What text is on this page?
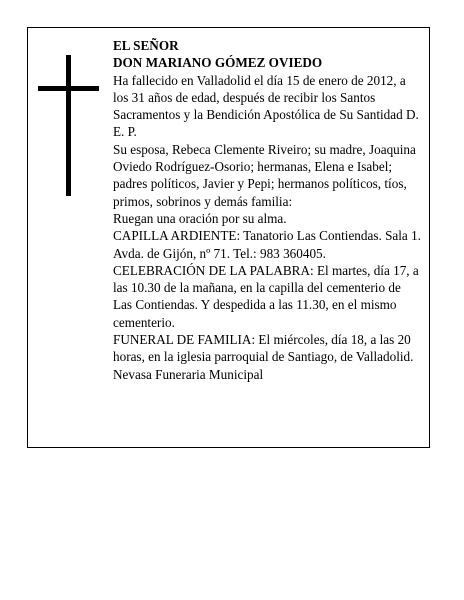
EL SEÑOR

DON MARIANO GÓMEZ OVIEDO

Ha fallecido en Valladolid el día 15 de enero de 2012, a los 31 años de edad, después de recibir los Santos Sacramentos y la Bendición Apostólica de Su Santidad D. E. P.

Su esposa, Rebeca Clemente Riveiro; su madre, Joaquina Oviedo Rodríguez-Osorio; hermanas, Elena e Isabel; padres políticos, Javier y Pepi; hermanos políticos, tíos, primos, sobrinos y demás familia:

Ruegan una oración por su alma.

CAPILLA ARDIENTE: Tanatorio Las Contiendas. Sala 1. Avda. de Gijón, nº 71. Tel.: 983 360405.

CELEBRACIÓN DE LA PALABRA: El martes, día 17, a las 10.30 de la mañana, en la capilla del cementerio de Las Contiendas. Y despedida a las 11.30, en el mismo cementerio.

FUNERAL DE FAMILIA: El miércoles, día 18, a las 20 horas, en la iglesia parroquial de Santiago, de Valladolid.

Nevasa Funeraria Municipal
